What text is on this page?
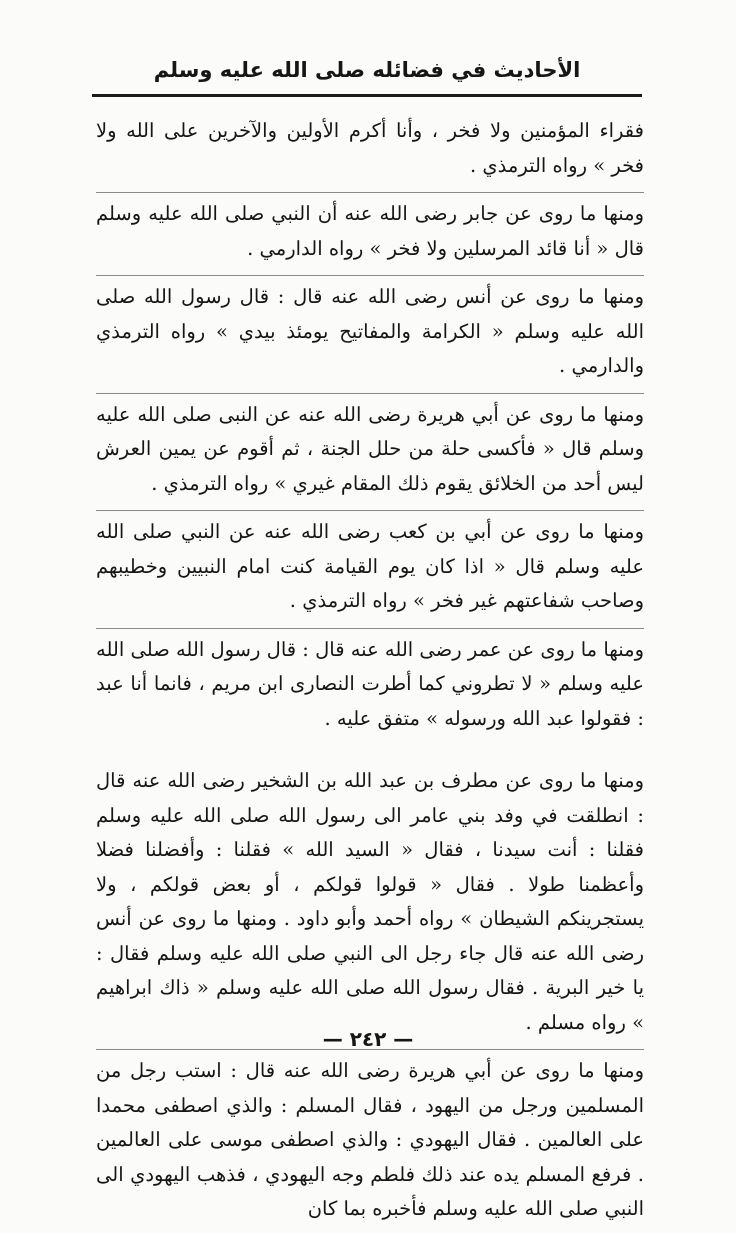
الأحاديث في فضائله صلى الله عليه وسلم

فقراء المؤمنين ولا فخر ، وأنا أكرم الأولين والآخرين على الله ولا فخر » رواه الترمذي .

ومنها ما روى عن جابر رضى الله عنه أن النبي صلى الله عليه وسلم قال « أنا قائد المرسلين ولا فخر » رواه الدارمي .

ومنها ما روى عن أنس رضى الله عنه قال : قال رسول الله صلى الله عليه وسلم « الكرامة والمفاتيح يومئذ بيدي » رواه الترمذي والدارمي .

ومنها ما روى عن أبي هريرة رضى الله عنه عن النبى صلى الله عليه وسلم قال « فأكسى حلة من حلل الجنة ، ثم أقوم عن يمين العرش ليس أحد من الخلائق يقوم ذلك المقام غيري » رواه الترمذي .

ومنها ما روى عن أبي بن كعب رضى الله عنه عن النبي صلى الله عليه وسلم قال « اذا كان يوم القيامة كنت امام النبيين وخطيبهم وصاحب شفاعتهم غير فخر » رواه الترمذي .

ومنها ما روى عن عمر رضى الله عنه قال : قال رسول الله صلى الله عليه وسلم « لا تطروني كما أطرت النصارى ابن مريم ، فانما أنا عبد : فقولوا عبد الله ورسوله » متفق عليه .

ومنها ما روى عن مطرف بن عبد الله بن الشخير رضى الله عنه قال : انطلقت في وفد بني عامر الى رسول الله صلى الله عليه وسلم فقلنا : أنت سيدنا ، فقال « السيد الله » فقلنا : وأفضلنا فضلا وأعظمنا طولا . فقال « قولوا قولكم ، أو بعض قولكم ، ولا يستجرينكم الشيطان » رواه أحمد وأبو داود . ومنها ما روى عن أنس رضى الله عنه قال جاء رجل الى النبي صلى الله عليه وسلم فقال : يا خير البرية . فقال رسول الله صلى الله عليه وسلم « ذاك ابراهيم » رواه مسلم .

ومنها ما روى عن أبي هريرة رضى الله عنه قال : استب رجل من المسلمين ورجل من اليهود ، فقال المسلم : والذي اصطفى محمدا على العالمين . فقال اليهودي : والذي اصطفى موسى على العالمين . فرفع المسلم يده عند ذلك فلطم وجه اليهودي ، فذهب اليهودي الى النبي صلى الله عليه وسلم فأخبره بما كان

— ٢٤٢ —
